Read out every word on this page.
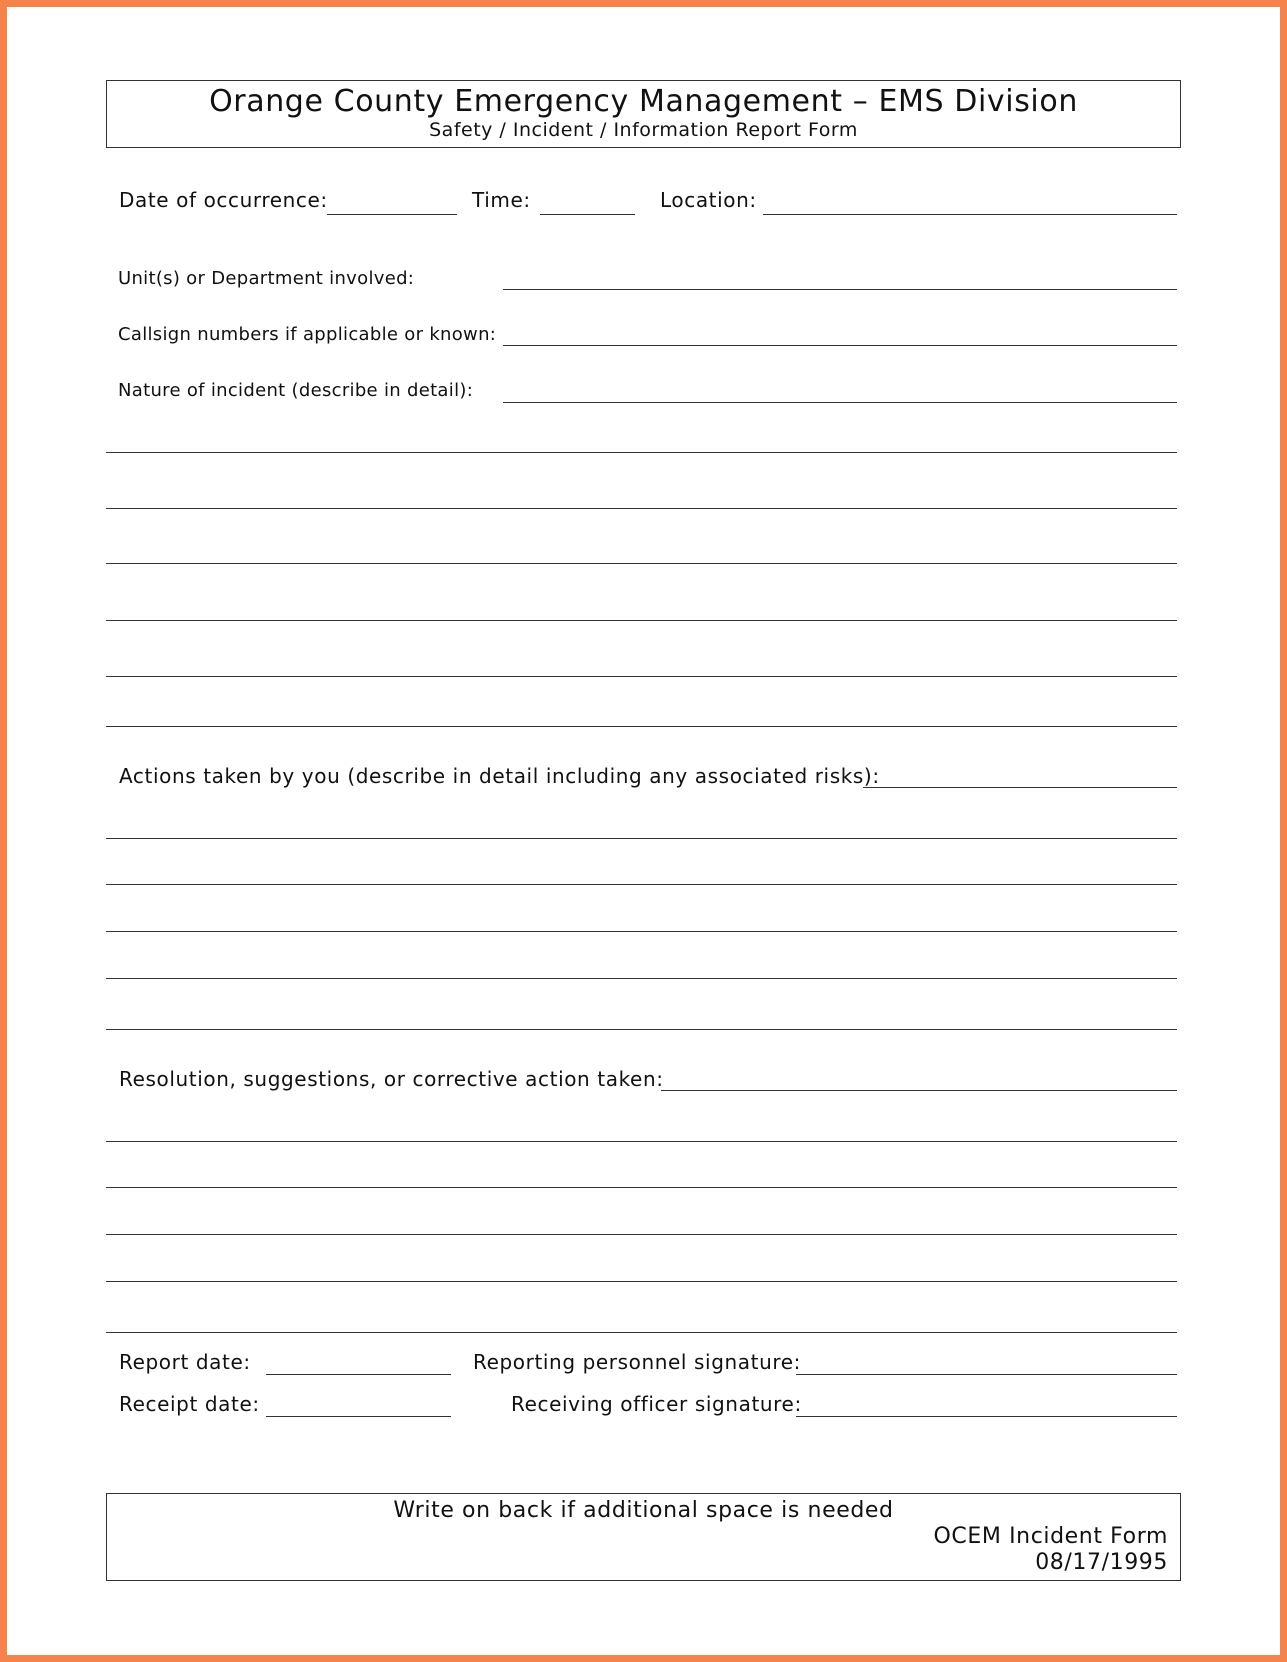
Orange County Emergency Management – EMS Division
Safety / Incident / Information Report Form
Date of occurrence:	Time:	Location:
Unit(s) or Department involved:
Callsign numbers if applicable or known:
Nature of incident (describe in detail):
Actions taken by you (describe in detail including any associated risks):
Resolution, suggestions, or corrective action taken:
Report date:	Reporting personnel signature:
Receipt date:	Receiving officer signature:
Write on back if additional space is needed
OCEM Incident Form
08/17/1995
